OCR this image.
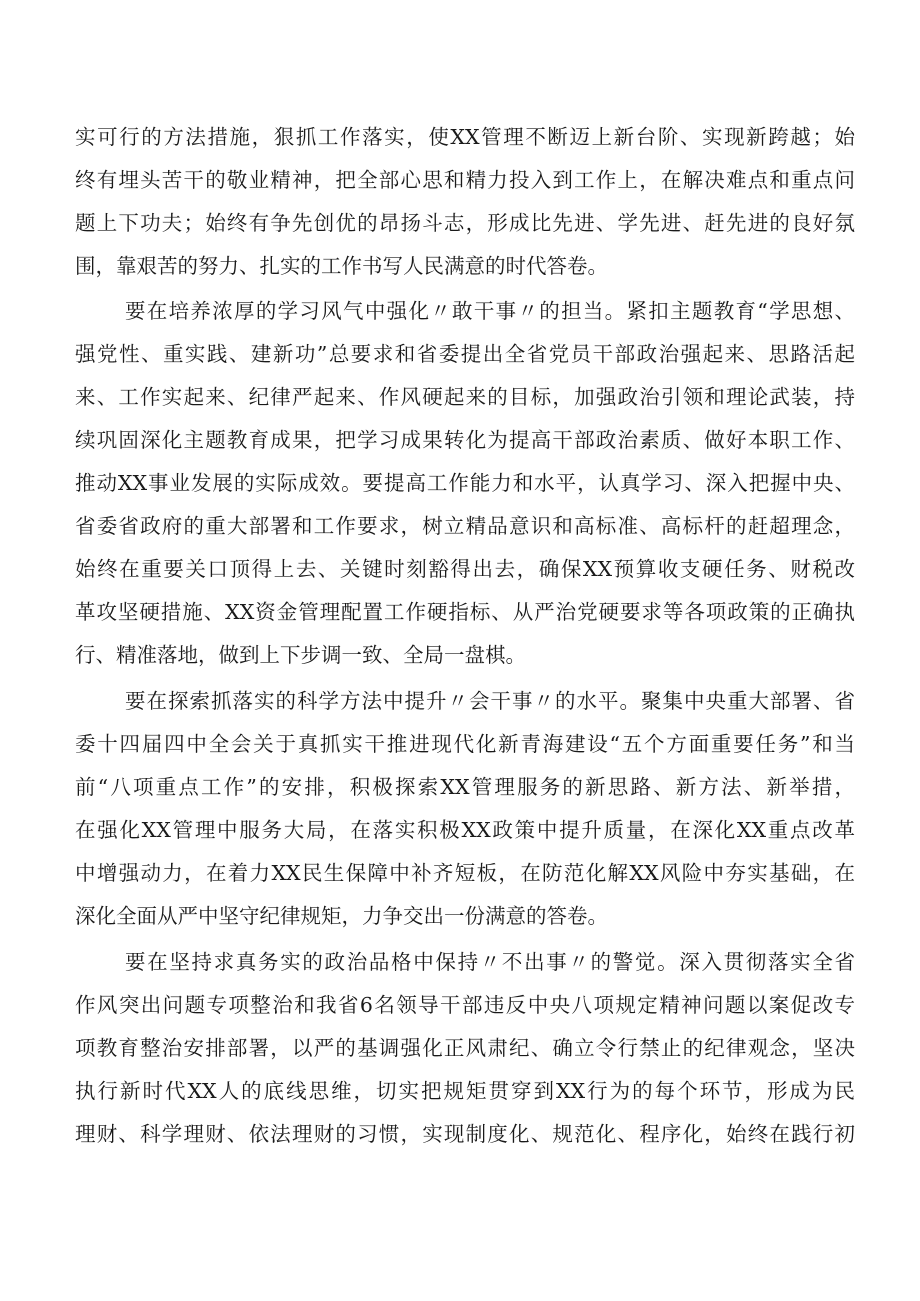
实可行的方法措施，狠抓工作落实，使XX管理不断迈上新台阶、实现新跨越；始
终有埋头苦干的敬业精神，把全部心思和精力投入到工作上，在解决难点和重点问
题上下功夫；始终有争先创优的昂扬斗志，形成比先进、学先进、赶先进的良好氛
围，靠艰苦的努力、扎实的工作书写人民满意的时代答卷。
要在培养浓厚的学习风气中强化〃敢干事〃的担当。紧扣主题教育“学思想、
强党性、重实践、建新功”总要求和省委提出全省党员干部政治强起来、思路活起
来、工作实起来、纪律严起来、作风硬起来的目标，加强政治引领和理论武装，持
续巩固深化主题教育成果，把学习成果转化为提高干部政治素质、做好本职工作、
推动XX事业发展的实际成效。要提高工作能力和水平，认真学习、深入把握中央、
省委省政府的重大部署和工作要求，树立精品意识和高标准、高标杆的赶超理念，
始终在重要关口顶得上去、关键时刻豁得出去，确保XX预算收支硬任务、财税改
革攻坚硬措施、XX资金管理配置工作硬指标、从严治党硬要求等各项政策的正确执
行、精准落地，做到上下步调一致、全局一盘棋。
要在探索抓落实的科学方法中提升〃会干事〃的水平。聚集中央重大部署、省
委十四届四中全会关于真抓实干推进现代化新青海建设“五个方面重要任务”和当
前“八项重点工作”的安排，积极探索XX管理服务的新思路、新方法、新举措，
在强化XX管理中服务大局，在落实积极XX政策中提升质量，在深化XX重点改革
中增强动力，在着力XX民生保障中补齐短板，在防范化解XX风险中夯实基础，在
深化全面从严中坚守纪律规矩，力争交出一份满意的答卷。
要在坚持求真务实的政治品格中保持〃不出事〃的警觉。深入贯彻落实全省
作风突出问题专项整治和我省6名领导干部违反中央八项规定精神问题以案促改专
项教育整治安排部署，以严的基调强化正风肃纪、确立令行禁止的纪律观念，坚决
执行新时代XX人的底线思维，切实把规矩贯穿到XX行为的每个环节，形成为民
理财、科学理财、依法理财的习惯，实现制度化、规范化、程序化，始终在践行初
